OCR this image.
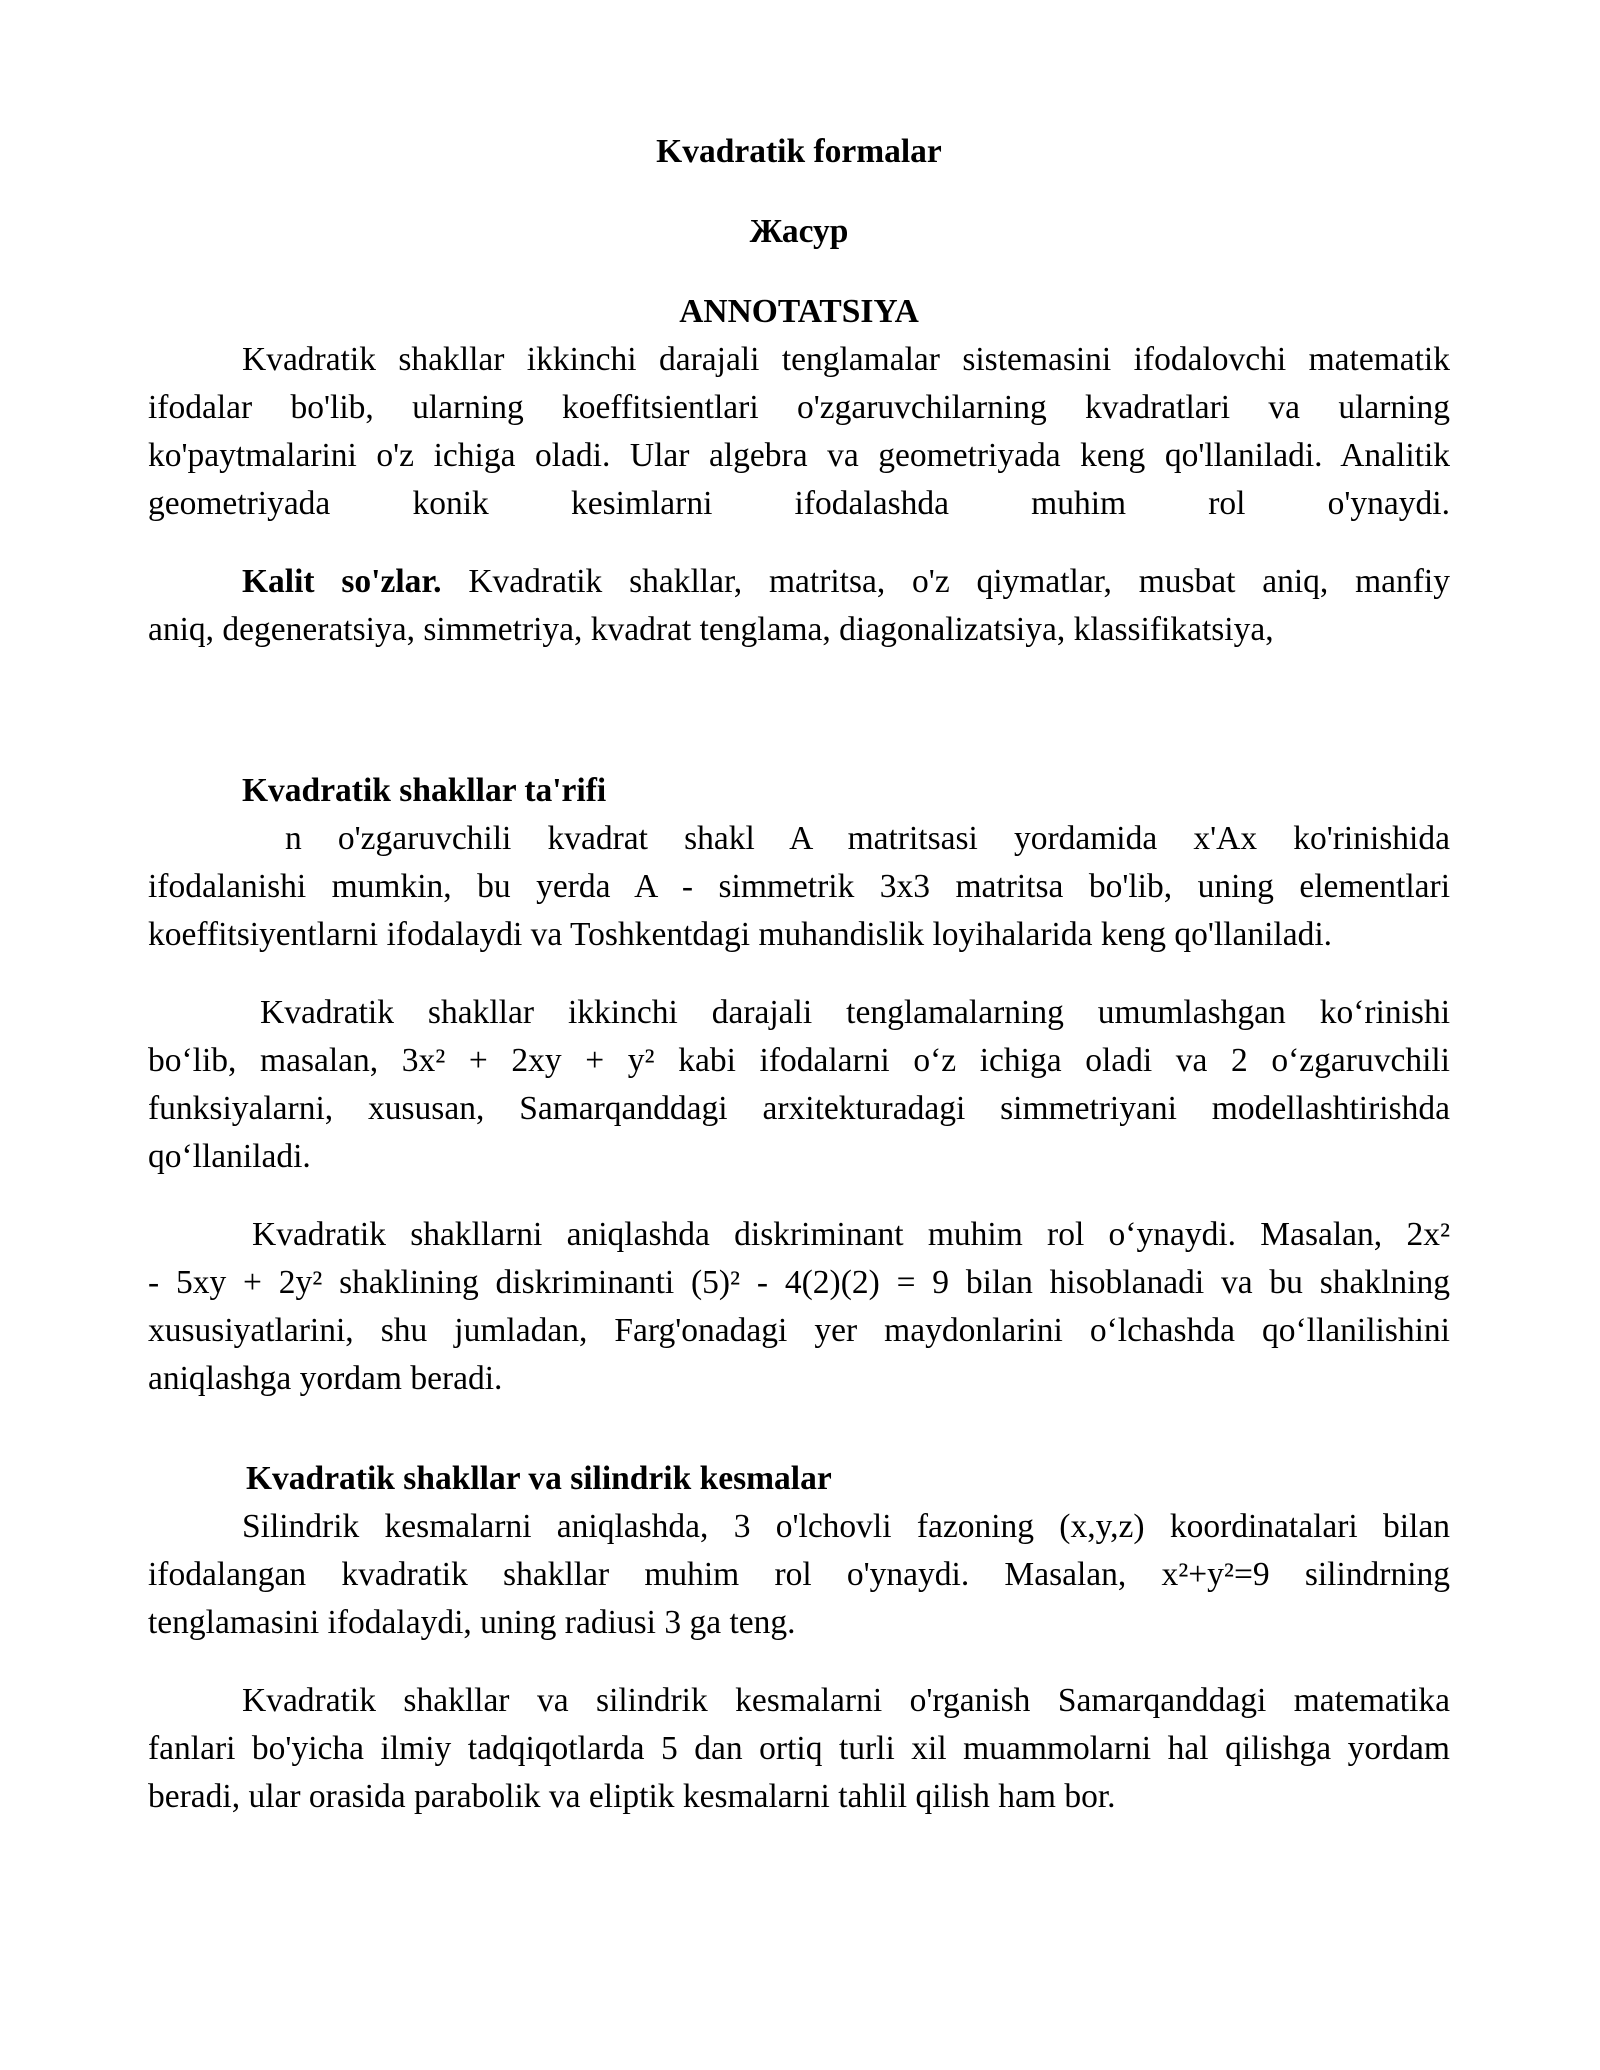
Kvadratik formalar
Жасур
ANNOTATSIYA
Kvadratik shakllar ikkinchi darajali tenglamalar sistemasini ifodalovchi matematik
ifodalar bo'lib, ularning koeffitsientlari o'zgaruvchilarning kvadratlari va ularning
ko'paytmalarini o'z ichiga oladi. Ular algebra va geometriyada keng qo'llaniladi. Analitik
geometriyada konik kesimlarni ifodalashda muhim rol o'ynaydi.
Kalit so'zlar. Kvadratik shakllar, matritsa, o'z qiymatlar, musbat aniq, manfiy
aniq, degeneratsiya, simmetriya, kvadrat tenglama, diagonalizatsiya, klassifikatsiya,
Kvadratik shakllar ta'rifi
n o'zgaruvchili kvadrat shakl A matritsasi yordamida x'Ax ko'rinishida
ifodalanishi mumkin, bu yerda A - simmetrik 3x3 matritsa bo'lib, uning elementlari
koeffitsiyentlarni ifodalaydi va Toshkentdagi muhandislik loyihalarida keng qo'llaniladi.
Kvadratik shakllar ikkinchi darajali tenglamalarning umumlashgan ko‘rinishi
bo‘lib, masalan, 3x² + 2xy + y² kabi ifodalarni o‘z ichiga oladi va 2 o‘zgaruvchili
funksiyalarni, xususan, Samarqanddagi arxitekturadagi simmetriyani modellashtirishda
qo‘llaniladi.
Kvadratik shakllarni aniqlashda diskriminant muhim rol o‘ynaydi. Masalan, 2x²
- 5xy + 2y² shaklining diskriminanti (5)² - 4(2)(2) = 9 bilan hisoblanadi va bu shaklning
xususiyatlarini, shu jumladan, Farg'onadagi yer maydonlarini o‘lchashda qo‘llanilishini
aniqlashga yordam beradi.
Kvadratik shakllar va silindrik kesmalar
Silindrik kesmalarni aniqlashda, 3 o'lchovli fazoning (x,y,z) koordinatalari bilan
ifodalangan kvadratik shakllar muhim rol o'ynaydi. Masalan, x²+y²=9 silindrning
tenglamasini ifodalaydi, uning radiusi 3 ga teng.
Kvadratik shakllar va silindrik kesmalarni o'rganish Samarqanddagi matematika
fanlari bo'yicha ilmiy tadqiqotlarda 5 dan ortiq turli xil muammolarni hal qilishga yordam
beradi, ular orasida parabolik va eliptik kesmalarni tahlil qilish ham bor.
